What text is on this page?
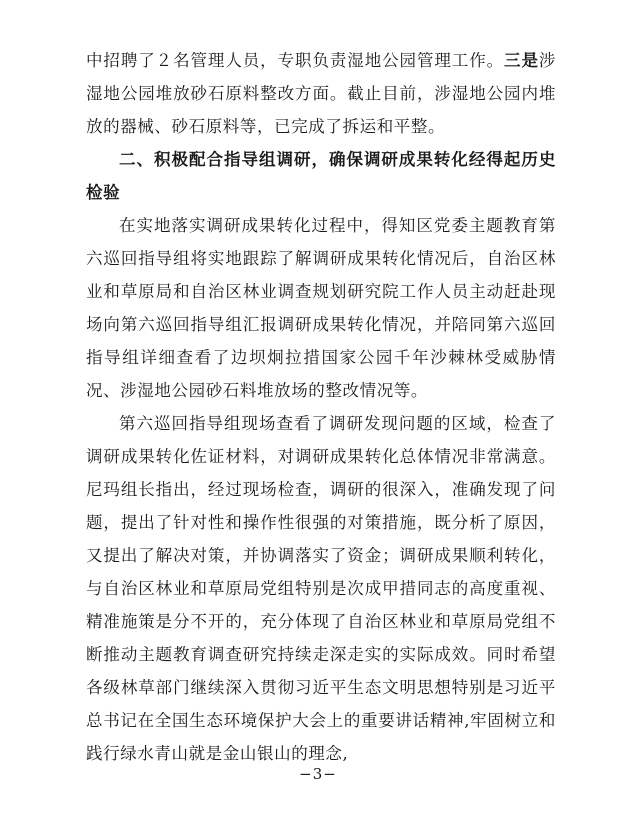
中招聘了２名管理人员，专职负责湿地公园管理工作。三是涉湿地公园堆放砂石原料整改方面。截止目前，涉湿地公园内堆放的器械、砂石原料等，已完成了拆运和平整。

二、积极配合指导组调研，确保调研成果转化经得起历史检验

在实地落实调研成果转化过程中，得知区党委主题教育第六巡回指导组将实地跟踪了解调研成果转化情况后，自治区林业和草原局和自治区林业调查规划研究院工作人员主动赶赴现场向第六巡回指导组汇报调研成果转化情况，并陪同第六巡回指导组详细查看了边坝炯拉措国家公园千年沙棘林受威胁情况、涉湿地公园砂石料堆放场的整改情况等。

第六巡回指导组现场查看了调研发现问题的区域，检查了调研成果转化佐证材料，对调研成果转化总体情况非常满意。尼玛组长指出，经过现场检查，调研的很深入，准确发现了问题，提出了针对性和操作性很强的对策措施，既分析了原因，又提出了解决对策，并协调落实了资金；调研成果顺利转化，与自治区林业和草原局党组特别是次成甲措同志的高度重视、精准施策是分不开的，充分体现了自治区林业和草原局党组不断推动主题教育调查研究持续走深走实的实际成效。同时希望各级林草部门继续深入贯彻习近平生态文明思想特别是习近平总书记在全国生态环境保护大会上的重要讲话精神,牢固树立和践行绿水青山就是金山银山的理念,

−3−
